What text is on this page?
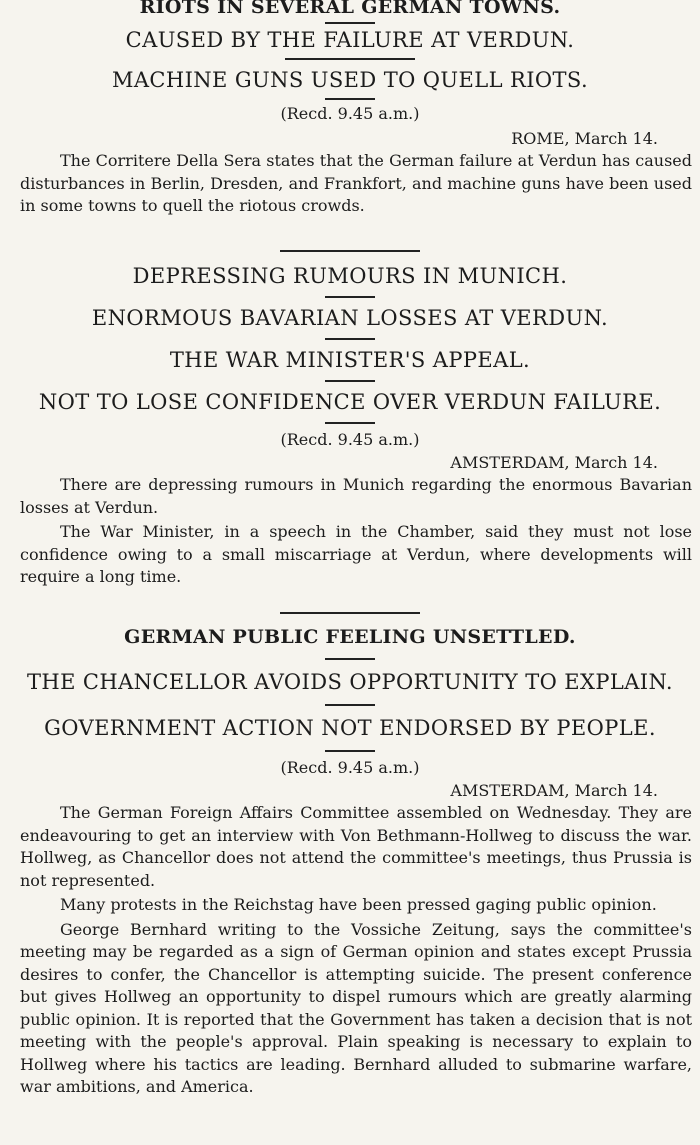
RIOTS IN SEVERAL GERMAN TOWNS.
CAUSED BY THE FAILURE AT VERDUN.
MACHINE GUNS USED TO QUELL RIOTS.
(Recd. 9.45 a.m.)
ROME, March 14.

The Corritere Della Sera states that the German failure at Verdun has caused disturbances in Berlin, Dresden, and Frankfort, and machine guns have been used in some towns to quell the riotous crowds.

DEPRESSING RUMOURS IN MUNICH.
ENORMOUS BAVARIAN LOSSES AT VERDUN.
THE WAR MINISTER'S APPEAL.
NOT TO LOSE CONFIDENCE OVER VERDUN FAILURE.
(Recd. 9.45 a.m.)
AMSTERDAM, March 14.

There are depressing rumours in Munich regarding the enormous Bavarian losses at Verdun.

The War Minister, in a speech in the Chamber, said they must not lose confidence owing to a small miscarriage at Verdun, where developments will require a long time.

GERMAN PUBLIC FEELING UNSETTLED.
THE CHANCELLOR AVOIDS OPPORTUNITY TO EXPLAIN.
GOVERNMENT ACTION NOT ENDORSED BY PEOPLE.
(Recd. 9.45 a.m.)
AMSTERDAM, March 14.

The German Foreign Affairs Committee assembled on Wednesday. They are endeavouring to get an interview with Von Bethmann-Hollweg to discuss the war. Hollweg, as Chancellor does not attend the committee's meetings, thus Prussia is not represented.

Many protests in the Reichstag have been pressed gaging public opinion.

George Bernhard writing to the Vossiche Zeitung, says the committee's meeting may be regarded as a sign of German opinion and states except Prussia desires to confer, the Chancellor is attempting suicide. The present conference but gives Hollweg an opportunity to dispel rumours which are greatly alarming public opinion. It is reported that the Government has taken a decision that is not meeting with the people's approval. Plain speaking is necessary to explain to Hollweg where his tactics are leading. Bernhard alluded to submarine warfare, war ambitions, and America.
